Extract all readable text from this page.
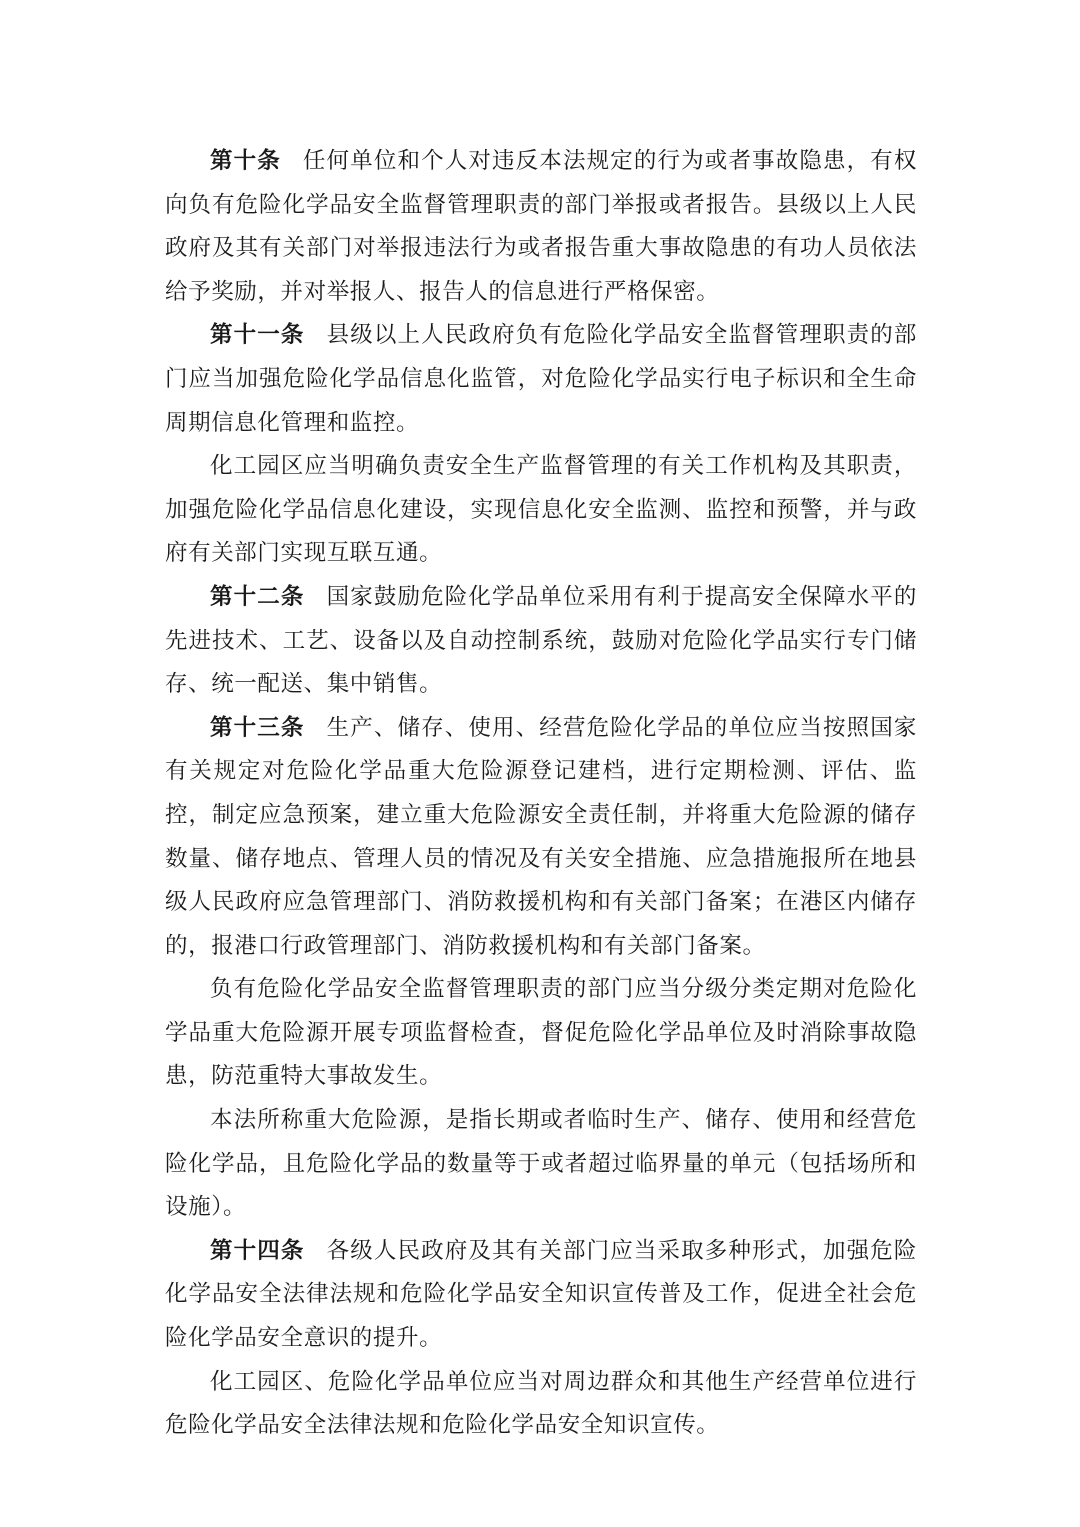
第十条 任何单位和个人对违反本法规定的行为或者事故隐患，有权向负有危险化学品安全监督管理职责的部门举报或者报告。县级以上人民政府及其有关部门对举报违法行为或者报告重大事故隐患的有功人员依法给予奖励，并对举报人、报告人的信息进行严格保密。

第十一条 县级以上人民政府负有危险化学品安全监督管理职责的部门应当加强危险化学品信息化监管，对危险化学品实行电子标识和全生命周期信息化管理和监控。

化工园区应当明确负责安全生产监督管理的有关工作机构及其职责，加强危险化学品信息化建设，实现信息化安全监测、监控和预警，并与政府有关部门实现互联互通。

第十二条 国家鼓励危险化学品单位采用有利于提高安全保障水平的先进技术、工艺、设备以及自动控制系统，鼓励对危险化学品实行专门储存、统一配送、集中销售。

第十三条 生产、储存、使用、经营危险化学品的单位应当按照国家有关规定对危险化学品重大危险源登记建档，进行定期检测、评估、监控，制定应急预案，建立重大危险源安全责任制，并将重大危险源的储存数量、储存地点、管理人员的情况及有关安全措施、应急措施报所在地县级人民政府应急管理部门、消防救援机构和有关部门备案；在港区内储存的，报港口行政管理部门、消防救援机构和有关部门备案。

负有危险化学品安全监督管理职责的部门应当分级分类定期对危险化学品重大危险源开展专项监督检查，督促危险化学品单位及时消除事故隐患，防范重特大事故发生。

本法所称重大危险源，是指长期或者临时生产、储存、使用和经营危险化学品，且危险化学品的数量等于或者超过临界量的单元（包括场所和设施）。

第十四条 各级人民政府及其有关部门应当采取多种形式，加强危险化学品安全法律法规和危险化学品安全知识宣传普及工作，促进全社会危险化学品安全意识的提升。

化工园区、危险化学品单位应当对周边群众和其他生产经营单位进行危险化学品安全法律法规和危险化学品安全知识宣传。
